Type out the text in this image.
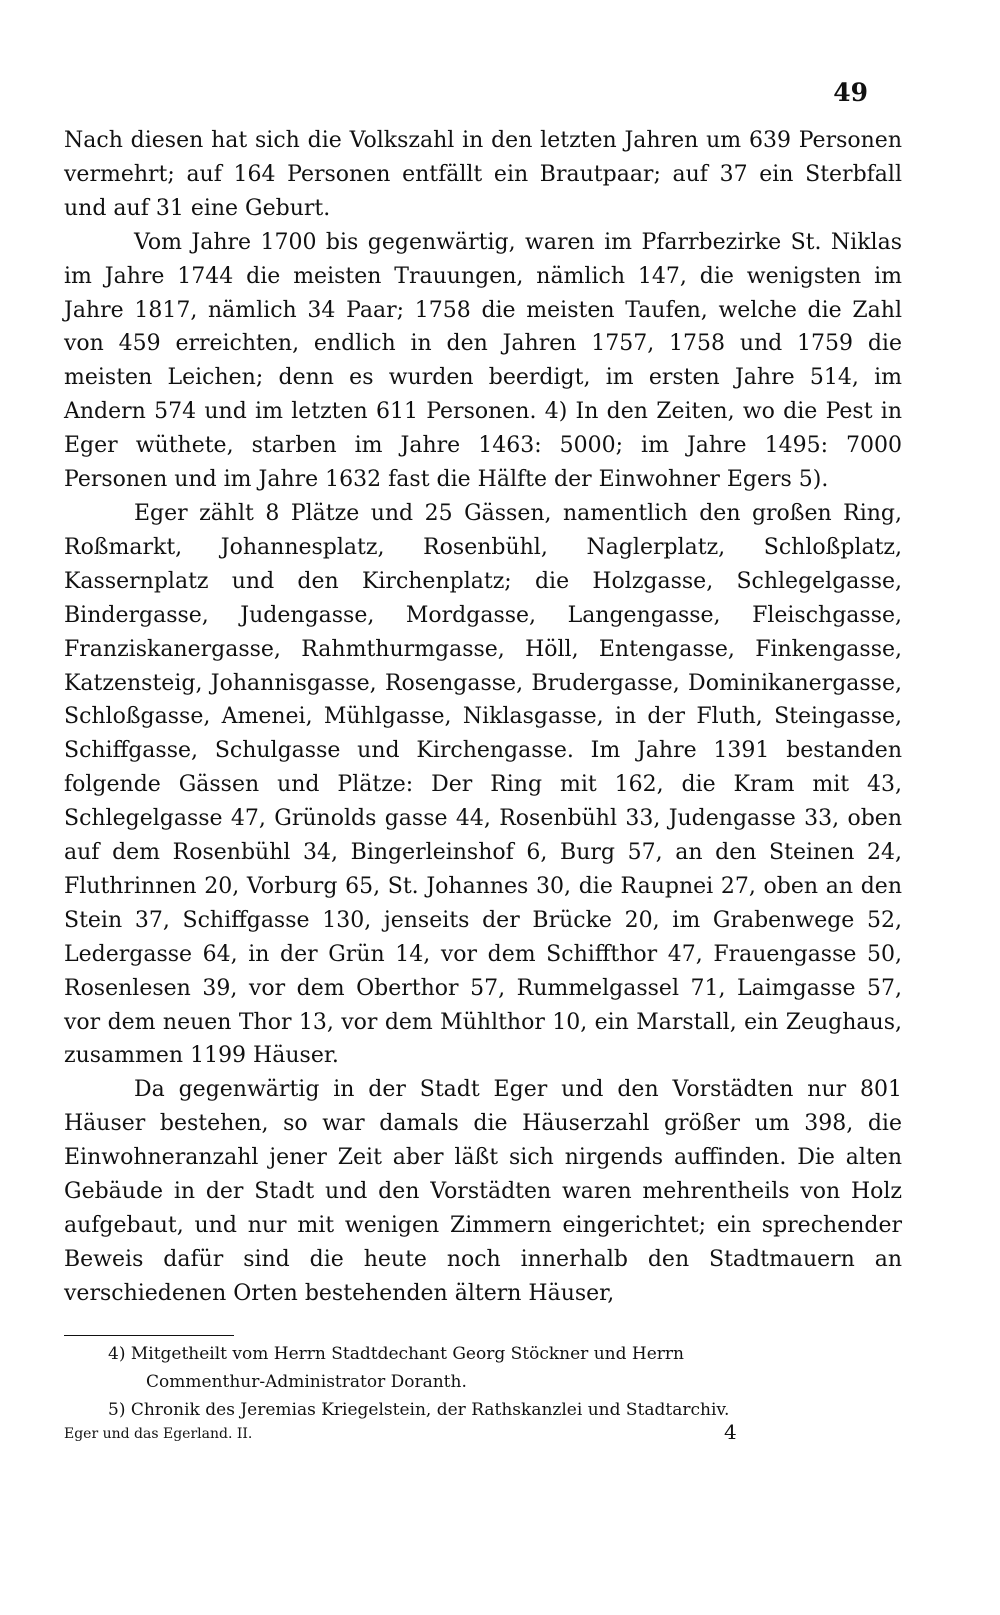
49

Nach diesen hat sich die Volkszahl in den letzten Jahren um 639 Personen vermehrt; auf 164 Personen entfällt ein Brautpaar; auf 37 ein Sterbfall und auf 31 eine Geburt.

Vom Jahre 1700 bis gegenwärtig, waren im Pfarrbezirke St. Niklas im Jahre 1744 die meisten Trauungen, nämlich 147, die wenigsten im Jahre 1817, nämlich 34 Paar; 1758 die meisten Taufen, welche die Zahl von 459 erreichten, endlich in den Jahren 1757, 1758 und 1759 die meisten Leichen; denn es wurden beerdigt, im ersten Jahre 514, im Andern 574 und im letzten 611 Personen. 4) In den Zeiten, wo die Pest in Eger wüthete, starben im Jahre 1463: 5000; im Jahre 1495: 7000 Personen und im Jahre 1632 fast die Hälfte der Einwohner Egers 5).

Eger zählt 8 Plätze und 25 Gässen, namentlich den großen Ring, Roßmarkt, Johannesplatz, Rosenbühl, Naglerplatz, Schloßplatz, Kassernplatz und den Kirchenplatz; die Holzgasse, Schlegelgasse, Bindergasse, Judengasse, Mordgasse, Langengasse, Fleischgasse, Franziskanergasse, Rahmthurmgasse, Höll, Entengasse, Finkengasse, Katzensteig, Johannisgasse, Rosengasse, Brudergasse, Dominikanergasse, Schloßgasse, Amenei, Mühlgasse, Niklasgasse, in der Fluth, Steingasse, Schiffgasse, Schulgasse und Kirchengasse. Im Jahre 1391 bestanden folgende Gässen und Plätze: Der Ring mit 162, die Kram mit 43, Schlegelgasse 47, Grünolds gasse 44, Rosenbühl 33, Judengasse 33, oben auf dem Rosenbühl 34, Bingerleinshof 6, Burg 57, an den Steinen 24, Fluthrinnen 20, Vorburg 65, St. Johannes 30, die Raupnei 27, oben an den Stein 37, Schiffgasse 130, jenseits der Brücke 20, im Grabenwege 52, Ledergasse 64, in der Grün 14, vor dem Schiffthor 47, Frauengasse 50, Rosenlesen 39, vor dem Oberthor 57, Rummelgassel 71, Laimgasse 57, vor dem neuen Thor 13, vor dem Mühlthor 10, ein Marstall, ein Zeughaus, zusammen 1199 Häuser.

Da gegenwärtig in der Stadt Eger und den Vorstädten nur 801 Häuser bestehen, so war damals die Häuserzahl größer um 398, die Einwohneranzahl jener Zeit aber läßt sich nirgends auffinden. Die alten Gebäude in der Stadt und den Vorstädten waren mehrentheils von Holz aufgebaut, und nur mit wenigen Zimmern eingerichtet; ein sprechender Beweis dafür sind die heute noch innerhalb den Stadtmauern an verschiedenen Orten bestehenden ältern Häuser,

4) Mitgetheilt vom Herrn Stadtdechant Georg Stöckner und Herrn

Commenthur-Administrator Doranth.

5) Chronik des Jeremias Kriegelstein, der Rathskanzlei und Stadtarchiv.

Eger und das Egerland. II.	4
